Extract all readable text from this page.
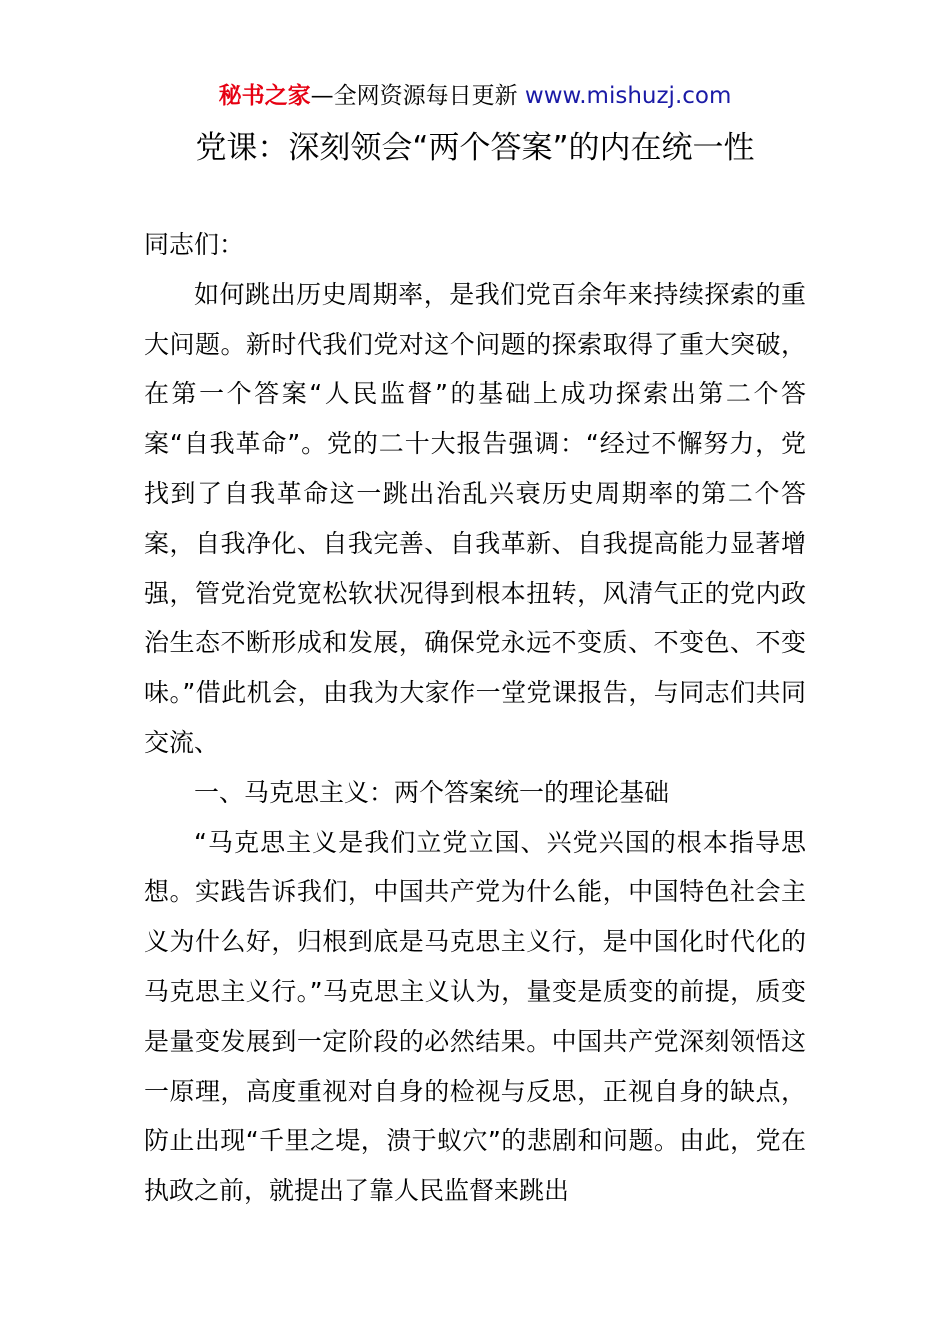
秘书之家—全网资源每日更新 www.mishuzj.com
党课：深刻领会“两个答案”的内在统一性

同志们：

如何跳出历史周期率，是我们党百余年来持续探索的重大问题。新时代我们党对这个问题的探索取得了重大突破，在第一个答案“人民监督”的基础上成功探索出第二个答案“自我革命”。党的二十大报告强调：“经过不懈努力，党找到了自我革命这一跳出治乱兴衰历史周期率的第二个答案，自我净化、自我完善、自我革新、自我提高能力显著增强，管党治党宽松软状况得到根本扭转，风清气正的党内政治生态不断形成和发展，确保党永远不变质、不变色、不变味。”借此机会，由我为大家作一堂党课报告，与同志们共同交流、

一、马克思主义：两个答案统一的理论基础

“马克思主义是我们立党立国、兴党兴国的根本指导思想。实践告诉我们，中国共产党为什么能，中国特色社会主义为什么好，归根到底是马克思主义行，是中国化时代化的马克思主义行。”马克思主义认为，量变是质变的前提，质变是量变发展到一定阶段的必然结果。中国共产党深刻领悟这一原理，高度重视对自身的检视与反思，正视自身的缺点，防止出现“千里之堤，溃于蚁穴”的悲剧和问题。由此，党在执政之前，就提出了靠人民监督来跳出
